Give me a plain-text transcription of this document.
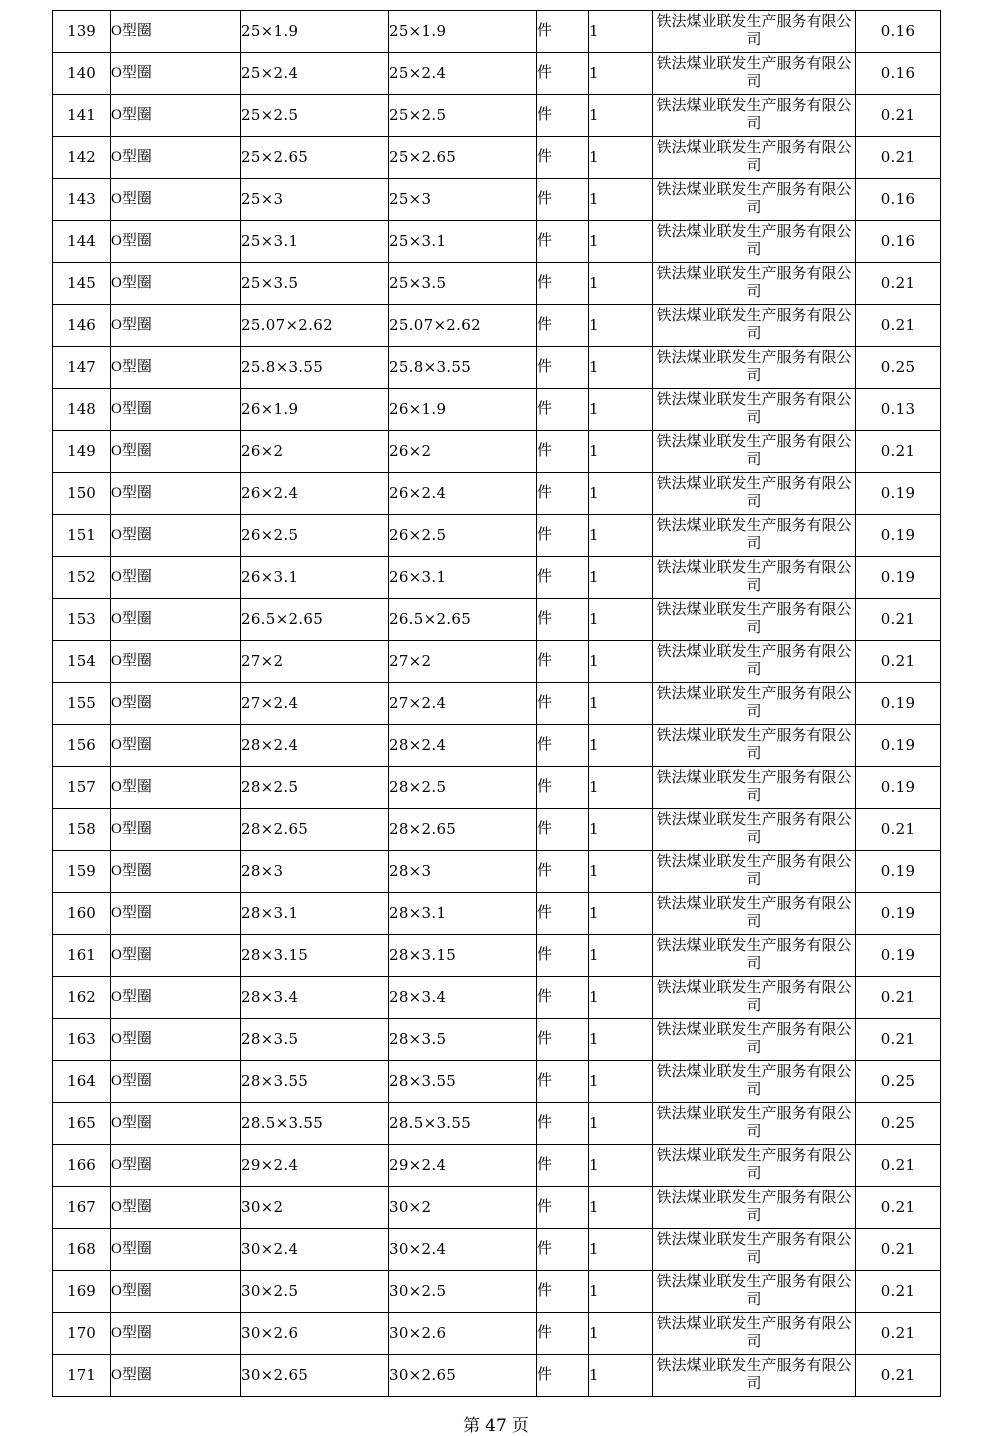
139	O型圈	25×1.9	25×1.9	件	1	铁法煤业联发生产服务有限公司	0.16
140	O型圈	25×2.4	25×2.4	件	1	铁法煤业联发生产服务有限公司	0.16
141	O型圈	25×2.5	25×2.5	件	1	铁法煤业联发生产服务有限公司	0.21
142	O型圈	25×2.65	25×2.65	件	1	铁法煤业联发生产服务有限公司	0.21
143	O型圈	25×3	25×3	件	1	铁法煤业联发生产服务有限公司	0.16
144	O型圈	25×3.1	25×3.1	件	1	铁法煤业联发生产服务有限公司	0.16
145	O型圈	25×3.5	25×3.5	件	1	铁法煤业联发生产服务有限公司	0.21
146	O型圈	25.07×2.62	25.07×2.62	件	1	铁法煤业联发生产服务有限公司	0.21
147	O型圈	25.8×3.55	25.8×3.55	件	1	铁法煤业联发生产服务有限公司	0.25
148	O型圈	26×1.9	26×1.9	件	1	铁法煤业联发生产服务有限公司	0.13
149	O型圈	26×2	26×2	件	1	铁法煤业联发生产服务有限公司	0.21
150	O型圈	26×2.4	26×2.4	件	1	铁法煤业联发生产服务有限公司	0.19
151	O型圈	26×2.5	26×2.5	件	1	铁法煤业联发生产服务有限公司	0.19
152	O型圈	26×3.1	26×3.1	件	1	铁法煤业联发生产服务有限公司	0.19
153	O型圈	26.5×2.65	26.5×2.65	件	1	铁法煤业联发生产服务有限公司	0.21
154	O型圈	27×2	27×2	件	1	铁法煤业联发生产服务有限公司	0.21
155	O型圈	27×2.4	27×2.4	件	1	铁法煤业联发生产服务有限公司	0.19
156	O型圈	28×2.4	28×2.4	件	1	铁法煤业联发生产服务有限公司	0.19
157	O型圈	28×2.5	28×2.5	件	1	铁法煤业联发生产服务有限公司	0.19
158	O型圈	28×2.65	28×2.65	件	1	铁法煤业联发生产服务有限公司	0.21
159	O型圈	28×3	28×3	件	1	铁法煤业联发生产服务有限公司	0.19
160	O型圈	28×3.1	28×3.1	件	1	铁法煤业联发生产服务有限公司	0.19
161	O型圈	28×3.15	28×3.15	件	1	铁法煤业联发生产服务有限公司	0.19
162	O型圈	28×3.4	28×3.4	件	1	铁法煤业联发生产服务有限公司	0.21
163	O型圈	28×3.5	28×3.5	件	1	铁法煤业联发生产服务有限公司	0.21
164	O型圈	28×3.55	28×3.55	件	1	铁法煤业联发生产服务有限公司	0.25
165	O型圈	28.5×3.55	28.5×3.55	件	1	铁法煤业联发生产服务有限公司	0.25
166	O型圈	29×2.4	29×2.4	件	1	铁法煤业联发生产服务有限公司	0.21
167	O型圈	30×2	30×2	件	1	铁法煤业联发生产服务有限公司	0.21
168	O型圈	30×2.4	30×2.4	件	1	铁法煤业联发生产服务有限公司	0.21
169	O型圈	30×2.5	30×2.5	件	1	铁法煤业联发生产服务有限公司	0.21
170	O型圈	30×2.6	30×2.6	件	1	铁法煤业联发生产服务有限公司	0.21
171	O型圈	30×2.65	30×2.65	件	1	铁法煤业联发生产服务有限公司	0.21
第 47 页
